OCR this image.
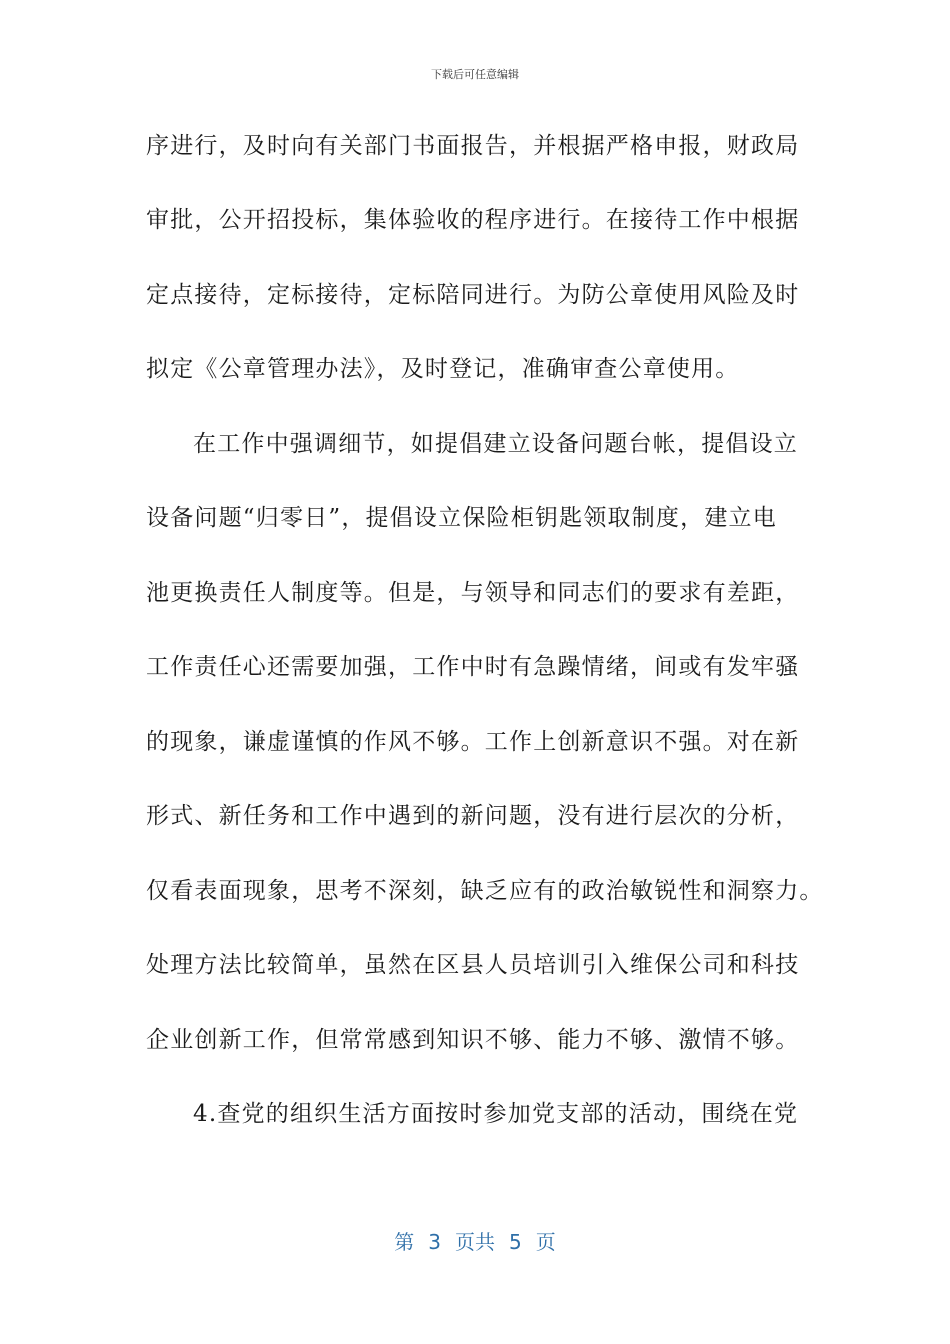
下载后可任意编辑
序进行，及时向有关部门书面报告，并根据严格申报，财政局
审批，公开招投标，集体验收的程序进行。在接待工作中根据
定点接待，定标接待，定标陪同进行。为防公章使用风险及时
拟定《公章管理办法》，及时登记，准确审查公章使用。
在工作中强调细节，如提倡建立设备问题台帐，提倡设立
设备问题“归零日”，提倡设立保险柜钥匙领取制度，建立电
池更换责任人制度等。但是，与领导和同志们的要求有差距，
工作责任心还需要加强，工作中时有急躁情绪，间或有发牢骚
的现象，谦虚谨慎的作风不够。工作上创新意识不强。对在新
形式、新任务和工作中遇到的新问题，没有进行层次的分析，
仅看表面现象，思考不深刻，缺乏应有的政治敏锐性和洞察力。
处理方法比较简单，虽然在区县人员培训引入维保公司和科技
企业创新工作，但常常感到知识不够、能力不够、激情不够。
4.查党的组织生活方面按时参加党支部的活动，围绕在党
第 3 页共 5 页
